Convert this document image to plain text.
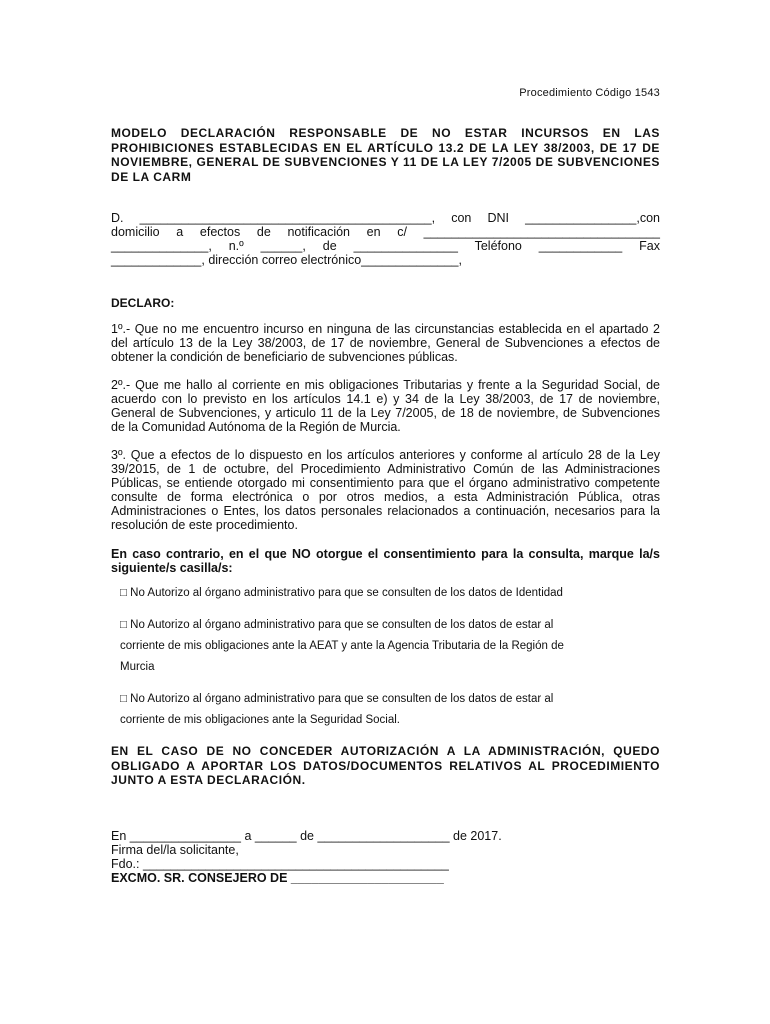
Procedimiento Código 1543

MODELO DECLARACIÓN RESPONSABLE DE NO ESTAR INCURSOS EN LAS PROHIBICIONES ESTABLECIDAS EN EL ARTÍCULO 13.2 DE LA LEY 38/2003, DE 17 DE NOVIEMBRE, GENERAL DE SUBVENCIONES Y 11 DE LA LEY 7/2005 DE SUBVENCIONES DE LA CARM

D. __________________________________________, con DNI ________________,con

domicilio a efectos de notificación en c/ __________________________________

______________, n.º ______, de _______________ Teléfono ____________ Fax

_____________, dirección correo electrónico______________,

DECLARO:

1º.- Que no me encuentro incurso en ninguna de las circunstancias establecida en el apartado 2 del artículo 13 de la Ley 38/2003, de 17 de noviembre, General de Subvenciones a efectos de obtener la condición de beneficiario de subvenciones públicas.

2º.- Que me hallo al corriente en mis obligaciones Tributarias y frente a la Seguridad Social, de acuerdo con lo previsto en los artículos 14.1 e) y 34 de la Ley 38/2003, de 17 de noviembre, General de Subvenciones, y articulo 11 de la Ley 7/2005, de 18 de noviembre, de Subvenciones de la Comunidad Autónoma de la Región de Murcia.

3º. Que a efectos de lo dispuesto en los artículos anteriores y conforme al artículo 28 de la Ley 39/2015, de 1 de octubre, del Procedimiento Administrativo Común de las Administraciones Públicas, se entiende otorgado mi consentimiento para que el órgano administrativo competente consulte de forma electrónica o por otros medios, a esta Administración Pública, otras Administraciones o Entes, los datos personales relacionados a continuación, necesarios para la resolución de este procedimiento.

En caso contrario, en el que NO otorgue el consentimiento para la consulta, marque la/s siguiente/s casilla/s:

□ No Autorizo al órgano administrativo para que se consulten de los datos de Identidad

□ No Autorizo al órgano administrativo para que se consulten de los datos de estar al
corriente de mis obligaciones ante la AEAT y ante la Agencia Tributaria de la Región de
Murcia

□ No Autorizo al órgano administrativo para que se consulten de los datos de estar al
corriente de mis obligaciones ante la Seguridad Social.

EN EL CASO DE NO CONCEDER AUTORIZACIÓN A LA ADMINISTRACIÓN, QUEDO OBLIGADO A APORTAR LOS DATOS/DOCUMENTOS RELATIVOS AL PROCEDIMIENTO JUNTO A ESTA DECLARACIÓN.

En ________________ a ______ de ___________________ de 2017.

Firma del/la solicitante,

Fdo.: ____________________________________________

EXCMO. SR. CONSEJERO DE ______________________
